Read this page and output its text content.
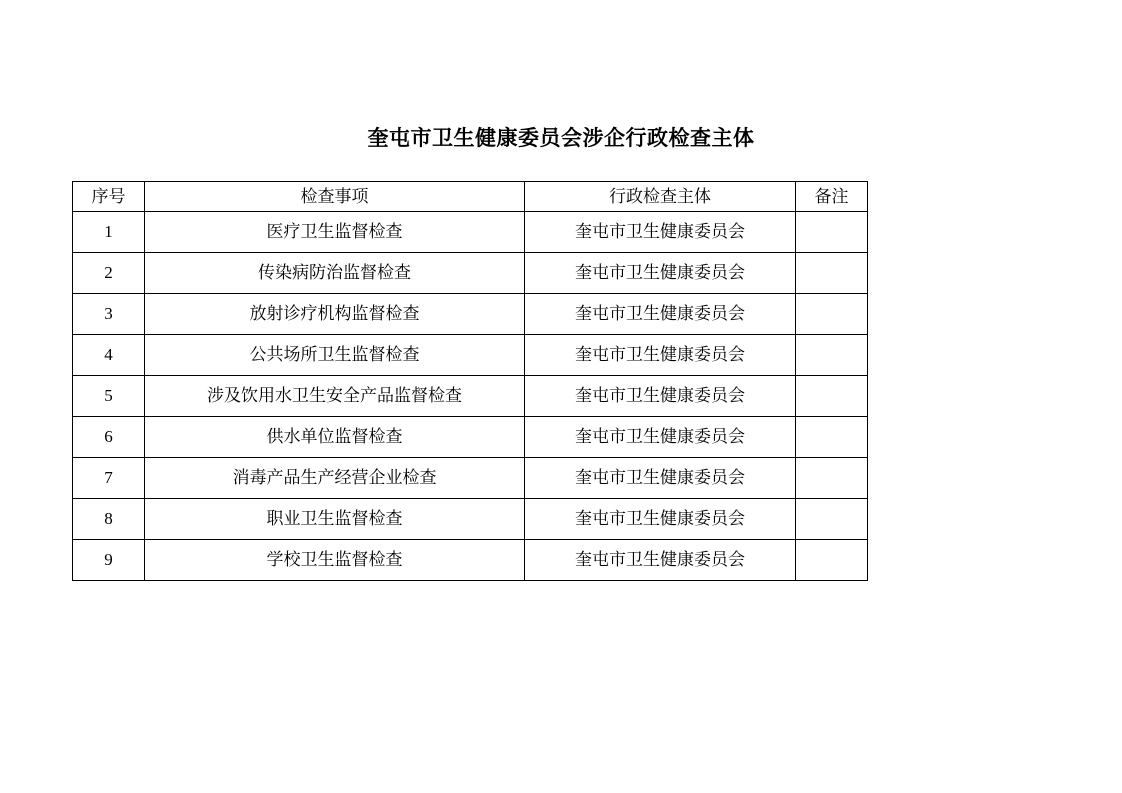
奎屯市卫生健康委员会涉企行政检查主体
序号	检查事项	行政检查主体	备注
1	医疗卫生监督检查	奎屯市卫生健康委员会	
2	传染病防治监督检查	奎屯市卫生健康委员会	
3	放射诊疗机构监督检查	奎屯市卫生健康委员会	
4	公共场所卫生监督检查	奎屯市卫生健康委员会	
5	涉及饮用水卫生安全产品监督检查	奎屯市卫生健康委员会	
6	供水单位监督检查	奎屯市卫生健康委员会	
7	消毒产品生产经营企业检查	奎屯市卫生健康委员会	
8	职业卫生监督检查	奎屯市卫生健康委员会	
9	学校卫生监督检查	奎屯市卫生健康委员会	
